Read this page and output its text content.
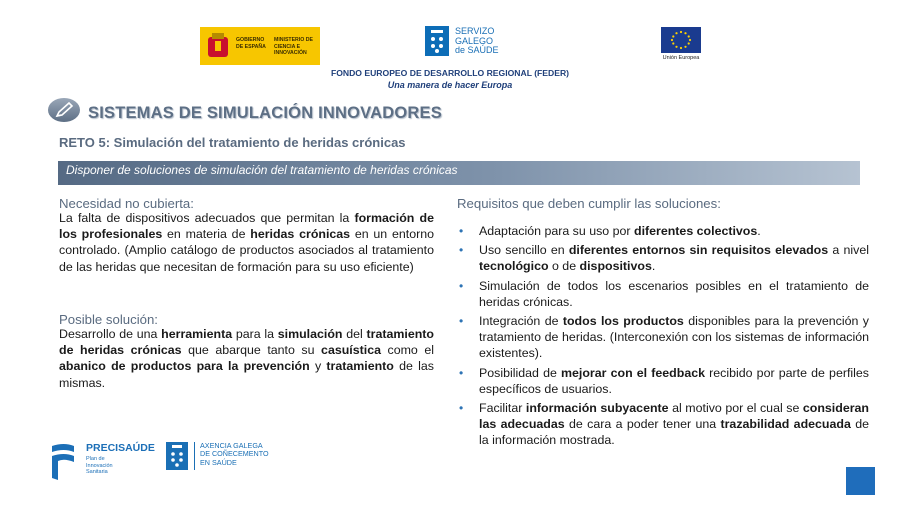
GOBIERNO DE ESPAÑA
MINISTERIO DE CIENCIA E INNOVACIÓN
SERVIZO
GALEGO
de SAÚDE
Unión Europea
FONDO EUROPEO DE DESARROLLO REGIONAL (FEDER)
Una manera de hacer Europa
SISTEMAS DE SIMULACIÓN INNOVADORES
RETO 5: Simulación del tratamiento de heridas crónicas
Disponer de soluciones de simulación del tratamiento de heridas crónicas
Necesidad no cubierta:
La falta de dispositivos adecuados que permitan la formación de los profesionales en materia de heridas crónicas en un entorno controlado. (Amplio catálogo de productos asociados al tratamiento de las heridas que necesitan de formación para su uso eficiente)
Posible solución:
Desarrollo de una herramienta para la simulación del tratamiento de heridas crónicas que abarque tanto su casuística como el abanico de productos para la prevención y tratamiento de las mismas.
Requisitos que deben cumplir las soluciones:
• Adaptación para su uso por diferentes colectivos.
• Uso sencillo en diferentes entornos sin requisitos elevados a nivel tecnológico o de dispositivos.
• Simulación de todos los escenarios posibles en el tratamiento de heridas crónicas.
• Integración de todos los productos disponibles para la prevención y tratamiento de heridas. (Interconexión con los sistemas de información existentes).
• Posibilidad de mejorar con el feedback recibido por parte de perfiles específicos de usuarios.
• Facilitar información subyacente al motivo por el cual se consideran las adecuadas de cara a poder tener una trazabilidad adecuada de la información mostrada.
PRECISAÚDE
Plan de
Innovación
Sanitaria
AXENCIA GALEGA
DE COÑECEMENTO
EN SAÚDE
